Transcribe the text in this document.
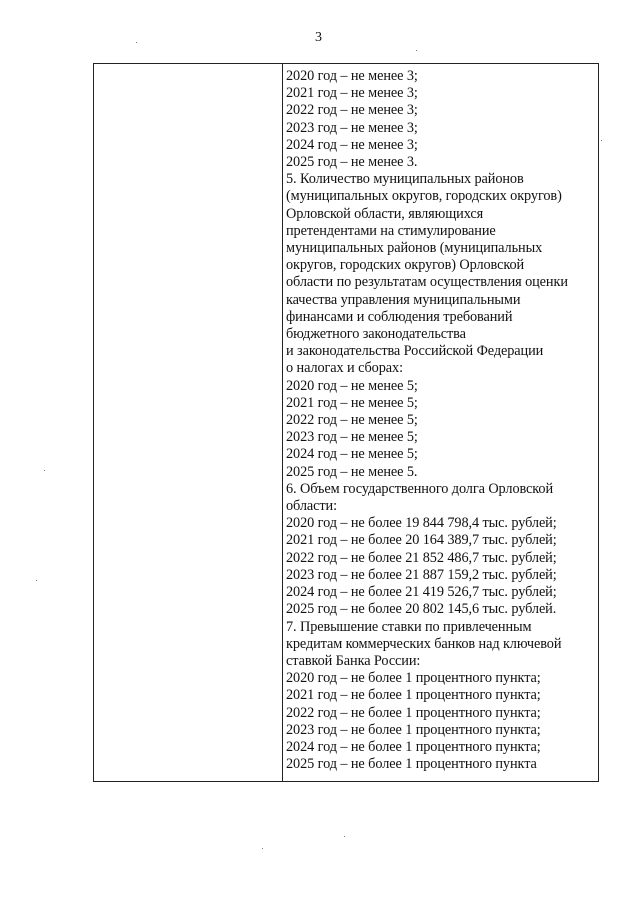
3
2020 год – не менее 3;
2021 год – не менее 3;
2022 год – не менее 3;
2023 год – не менее 3;
2024 год – не менее 3;
2025 год – не менее 3.
5. Количество муниципальных районов
(муниципальных округов, городских округов)
Орловской области, являющихся
претендентами на стимулирование
муниципальных районов (муниципальных
округов, городских округов) Орловской
области по результатам осуществления оценки
качества управления муниципальными
финансами и соблюдения требований
бюджетного законодательства
и законодательства Российской Федерации
о налогах и сборах:
2020 год – не менее 5;
2021 год – не менее 5;
2022 год – не менее 5;
2023 год – не менее 5;
2024 год – не менее 5;
2025 год – не менее 5.
6. Объем государственного долга Орловской
области:
2020 год – не более 19 844 798,4 тыс. рублей;
2021 год – не более 20 164 389,7 тыс. рублей;
2022 год – не более 21 852 486,7 тыс. рублей;
2023 год – не более 21 887 159,2 тыс. рублей;
2024 год – не более 21 419 526,7 тыс. рублей;
2025 год – не более 20 802 145,6 тыс. рублей.
7. Превышение ставки по привлеченным
кредитам коммерческих банков над ключевой
ставкой Банка России:
2020 год – не более 1 процентного пункта;
2021 год – не более 1 процентного пункта;
2022 год – не более 1 процентного пункта;
2023 год – не более 1 процентного пункта;
2024 год – не более 1 процентного пункта;
2025 год – не более 1 процентного пункта
